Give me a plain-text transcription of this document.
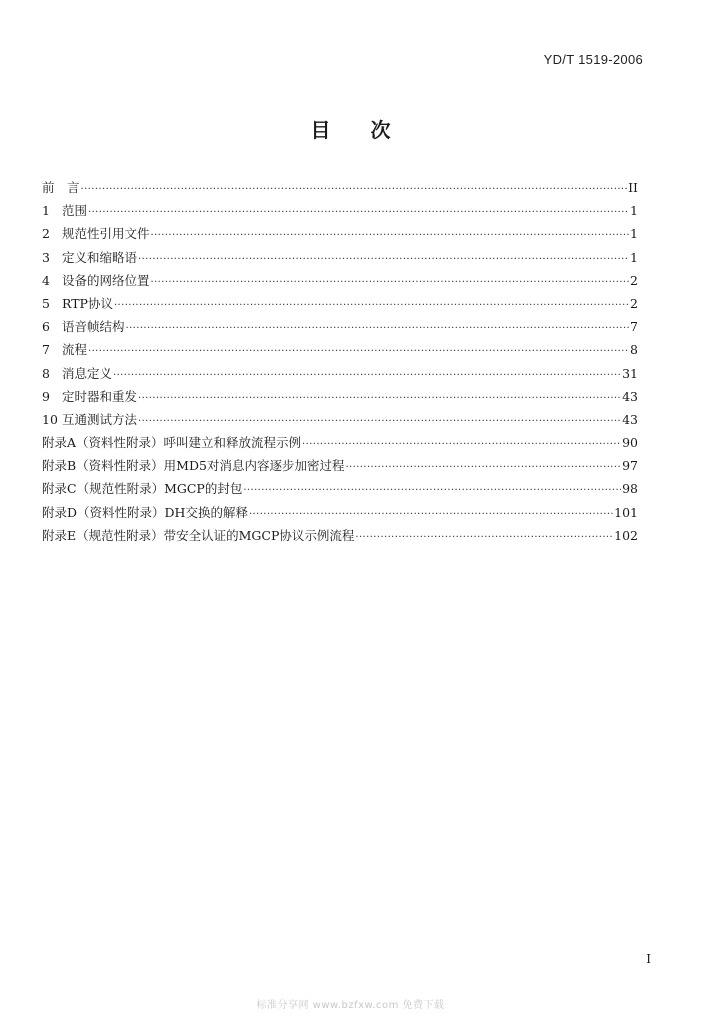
YD/T 1519-2006
目次
前　言 ·····	II
1 范围 ·····	1
2 规范性引用文件 ·····	1
3 定义和缩略语 ·····	1
4 设备的网络位置 ·····	2
5 RTP协议 ·····	2
6 语音帧结构 ·····	7
7 流程 ·····	8
8 消息定义 ·····	31
9 定时器和重发 ·····	43
10 互通测试方法 ·····	43
附录A（资料性附录）呼叫建立和释放流程示例 ·····	90
附录B（资料性附录）用MD5对消息内容逐步加密过程 ·····	97
附录C（规范性附录）MGCP的封包 ·····	98
附录D（资料性附录）DH交换的解释 ·····	101
附录E（规范性附录）带安全认证的MGCP协议示例流程 ·····	102
I
标准分享网 www.bzfxw.com 免费下载
